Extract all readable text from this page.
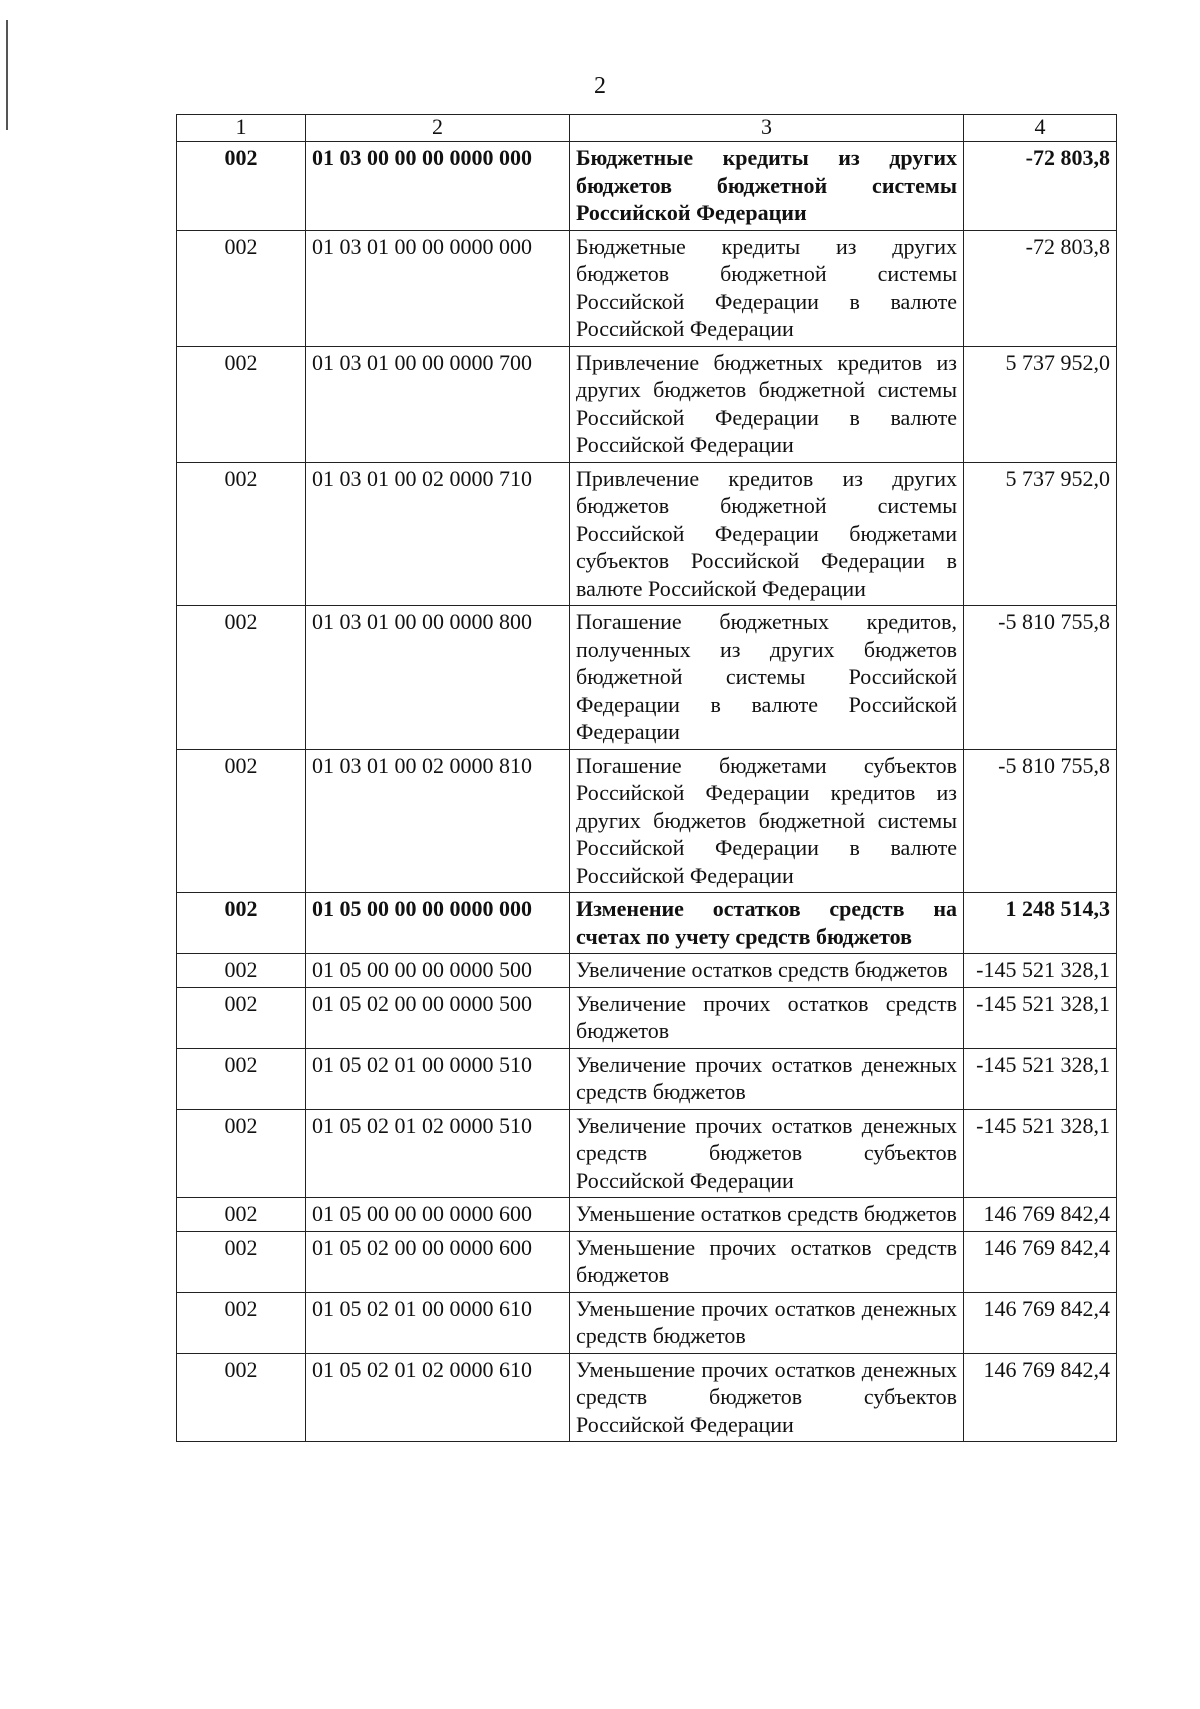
2
1	2	3	4
002	01 03 00 00 00 0000 000	Бюджетные кредиты из других бюджетов бюджетной системы Российской Федерации	-72 803,8
002	01 03 01 00 00 0000 000	Бюджетные кредиты из других бюджетов бюджетной системы Российской Федерации в валюте Российской Федерации	-72 803,8
002	01 03 01 00 00 0000 700	Привлечение бюджетных кредитов из других бюджетов бюджетной системы Российской Федерации в валюте Российской Федерации	5 737 952,0
002	01 03 01 00 02 0000 710	Привлечение кредитов из других бюджетов бюджетной системы Российской Федерации бюджетами субъектов Российской Федерации в валюте Российской Федерации	5 737 952,0
002	01 03 01 00 00 0000 800	Погашение бюджетных кредитов, полученных из других бюджетов бюджетной системы Российской Федерации в валюте Российской Федерации	-5 810 755,8
002	01 03 01 00 02 0000 810	Погашение бюджетами субъектов Российской Федерации кредитов из других бюджетов бюджетной системы Российской Федерации в валюте Российской Федерации	-5 810 755,8
002	01 05 00 00 00 0000 000	Изменение остатков средств на счетах по учету средств бюджетов	1 248 514,3
002	01 05 00 00 00 0000 500	Увеличение остатков средств бюджетов	-145 521 328,1
002	01 05 02 00 00 0000 500	Увеличение прочих остатков средств бюджетов	-145 521 328,1
002	01 05 02 01 00 0000 510	Увеличение прочих остатков денежных средств бюджетов	-145 521 328,1
002	01 05 02 01 02 0000 510	Увеличение прочих остатков денежных средств бюджетов субъектов Российской Федерации	-145 521 328,1
002	01 05 00 00 00 0000 600	Уменьшение остатков средств бюджетов	146 769 842,4
002	01 05 02 00 00 0000 600	Уменьшение прочих остатков средств бюджетов	146 769 842,4
002	01 05 02 01 00 0000 610	Уменьшение прочих остатков денежных средств бюджетов	146 769 842,4
002	01 05 02 01 02 0000 610	Уменьшение прочих остатков денежных средств бюджетов субъектов Российской Федерации	146 769 842,4
